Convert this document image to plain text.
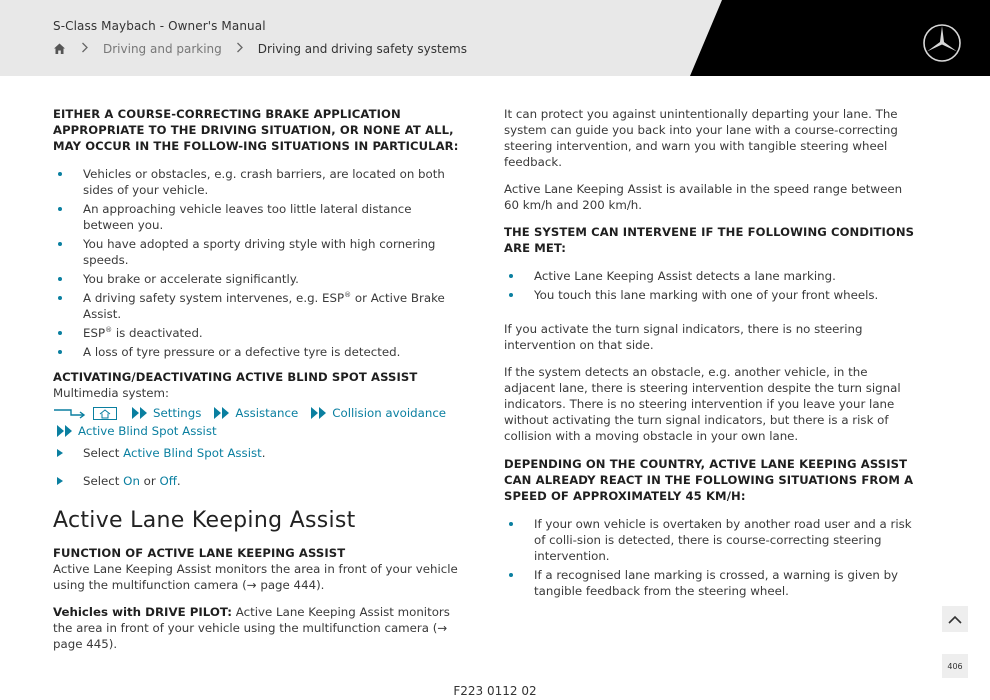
S-Class Maybach - Owner's Manual
Driving and parking	Driving and driving safety systems
EITHER A COURSE-CORRECTING BRAKE APPLICATION APPROPRIATE TO THE DRIVING SITUATION, OR NONE AT ALL, MAY OCCUR IN THE FOLLOW-ING SITUATIONS IN PARTICULAR:
Vehicles or obstacles, e.g. crash barriers, are located on both sides of your vehicle.
An approaching vehicle leaves too little lateral distance between you.
You have adopted a sporty driving style with high cornering speeds.
You brake or accelerate significantly.
A driving safety system intervenes, e.g. ESP® or Active Brake Assist.
ESP® is deactivated.
A loss of tyre pressure or a defective tyre is detected.
ACTIVATING/DEACTIVATING ACTIVE BLIND SPOT ASSIST
Multimedia system:
Settings	Assistance	Collision avoidance
Active Blind Spot Assist
Select Active Blind Spot Assist.
Select On or Off.
Active Lane Keeping Assist
FUNCTION OF ACTIVE LANE KEEPING ASSIST
Active Lane Keeping Assist monitors the area in front of your vehicle using the multifunction camera (→ page 444).
Vehicles with DRIVE PILOT: Active Lane Keeping Assist monitors the area in front of your vehicle using the multifunction camera (→ page 445).
It can protect you against unintentionally departing your lane. The system can guide you back into your lane with a course-correcting steering intervention, and warn you with tangible steering wheel feedback.
Active Lane Keeping Assist is available in the speed range between 60 km/h and 200 km/h.
THE SYSTEM CAN INTERVENE IF THE FOLLOWING CONDITIONS ARE MET:
Active Lane Keeping Assist detects a lane marking.
You touch this lane marking with one of your front wheels.
If you activate the turn signal indicators, there is no steering intervention on that side.
If the system detects an obstacle, e.g. another vehicle, in the adjacent lane, there is steering intervention despite the turn signal indicators. There is no steering intervention if you leave your lane without activating the turn signal indicators, but there is a risk of collision with a moving obstacle in your own lane.
DEPENDING ON THE COUNTRY, ACTIVE LANE KEEPING ASSIST CAN ALREADY REACT IN THE FOLLOWING SITUATIONS FROM A SPEED OF APPROXIMATELY 45 KM/H:
If your own vehicle is overtaken by another road user and a risk of colli-sion is detected, there is course-correcting steering intervention.
If a recognised lane marking is crossed, a warning is given by tangible feedback from the steering wheel.
406
F223 0112 02
